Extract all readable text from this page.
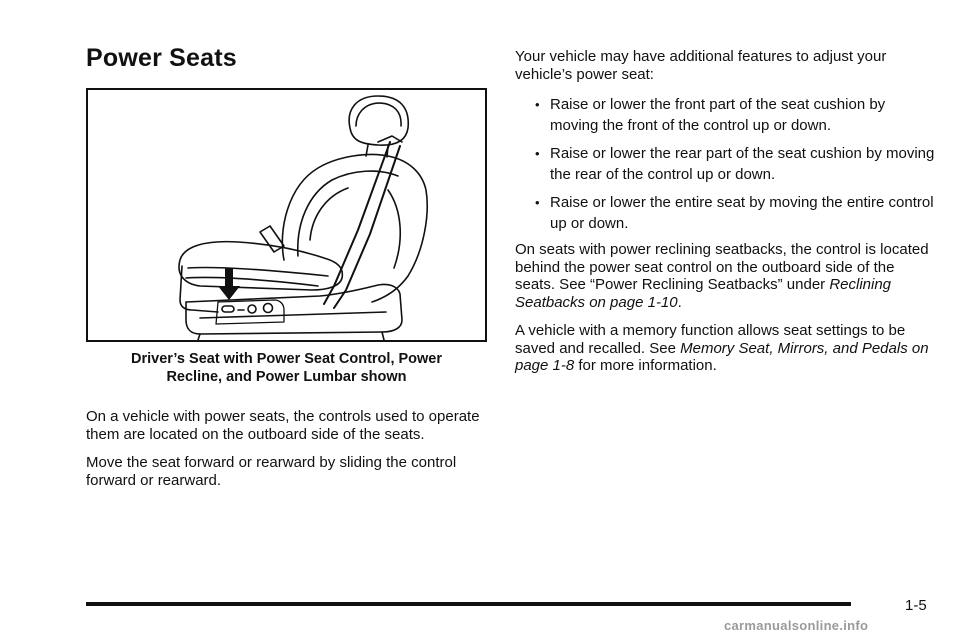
Power Seats
Driver’s Seat with Power Seat Control, Power
Recline, and Power Lumbar shown

On a vehicle with power seats, the controls used to operate them are located on the outboard side of the seats.

Move the seat forward or rearward by sliding the control forward or rearward.

Your vehicle may have additional features to adjust your vehicle’s power seat:

• Raise or lower the front part of the seat cushion by moving the front of the control up or down.
• Raise or lower the rear part of the seat cushion by moving the rear of the control up or down.
• Raise or lower the entire seat by moving the entire control up or down.

On seats with power reclining seatbacks, the control is located behind the power seat control on the outboard side of the seats. See “Power Reclining Seatbacks” under Reclining Seatbacks on page 1-10.

A vehicle with a memory function allows seat settings to be saved and recalled. See Memory Seat, Mirrors, and Pedals on page 1-8 for more information.

1-5
carmanualsonline.info
